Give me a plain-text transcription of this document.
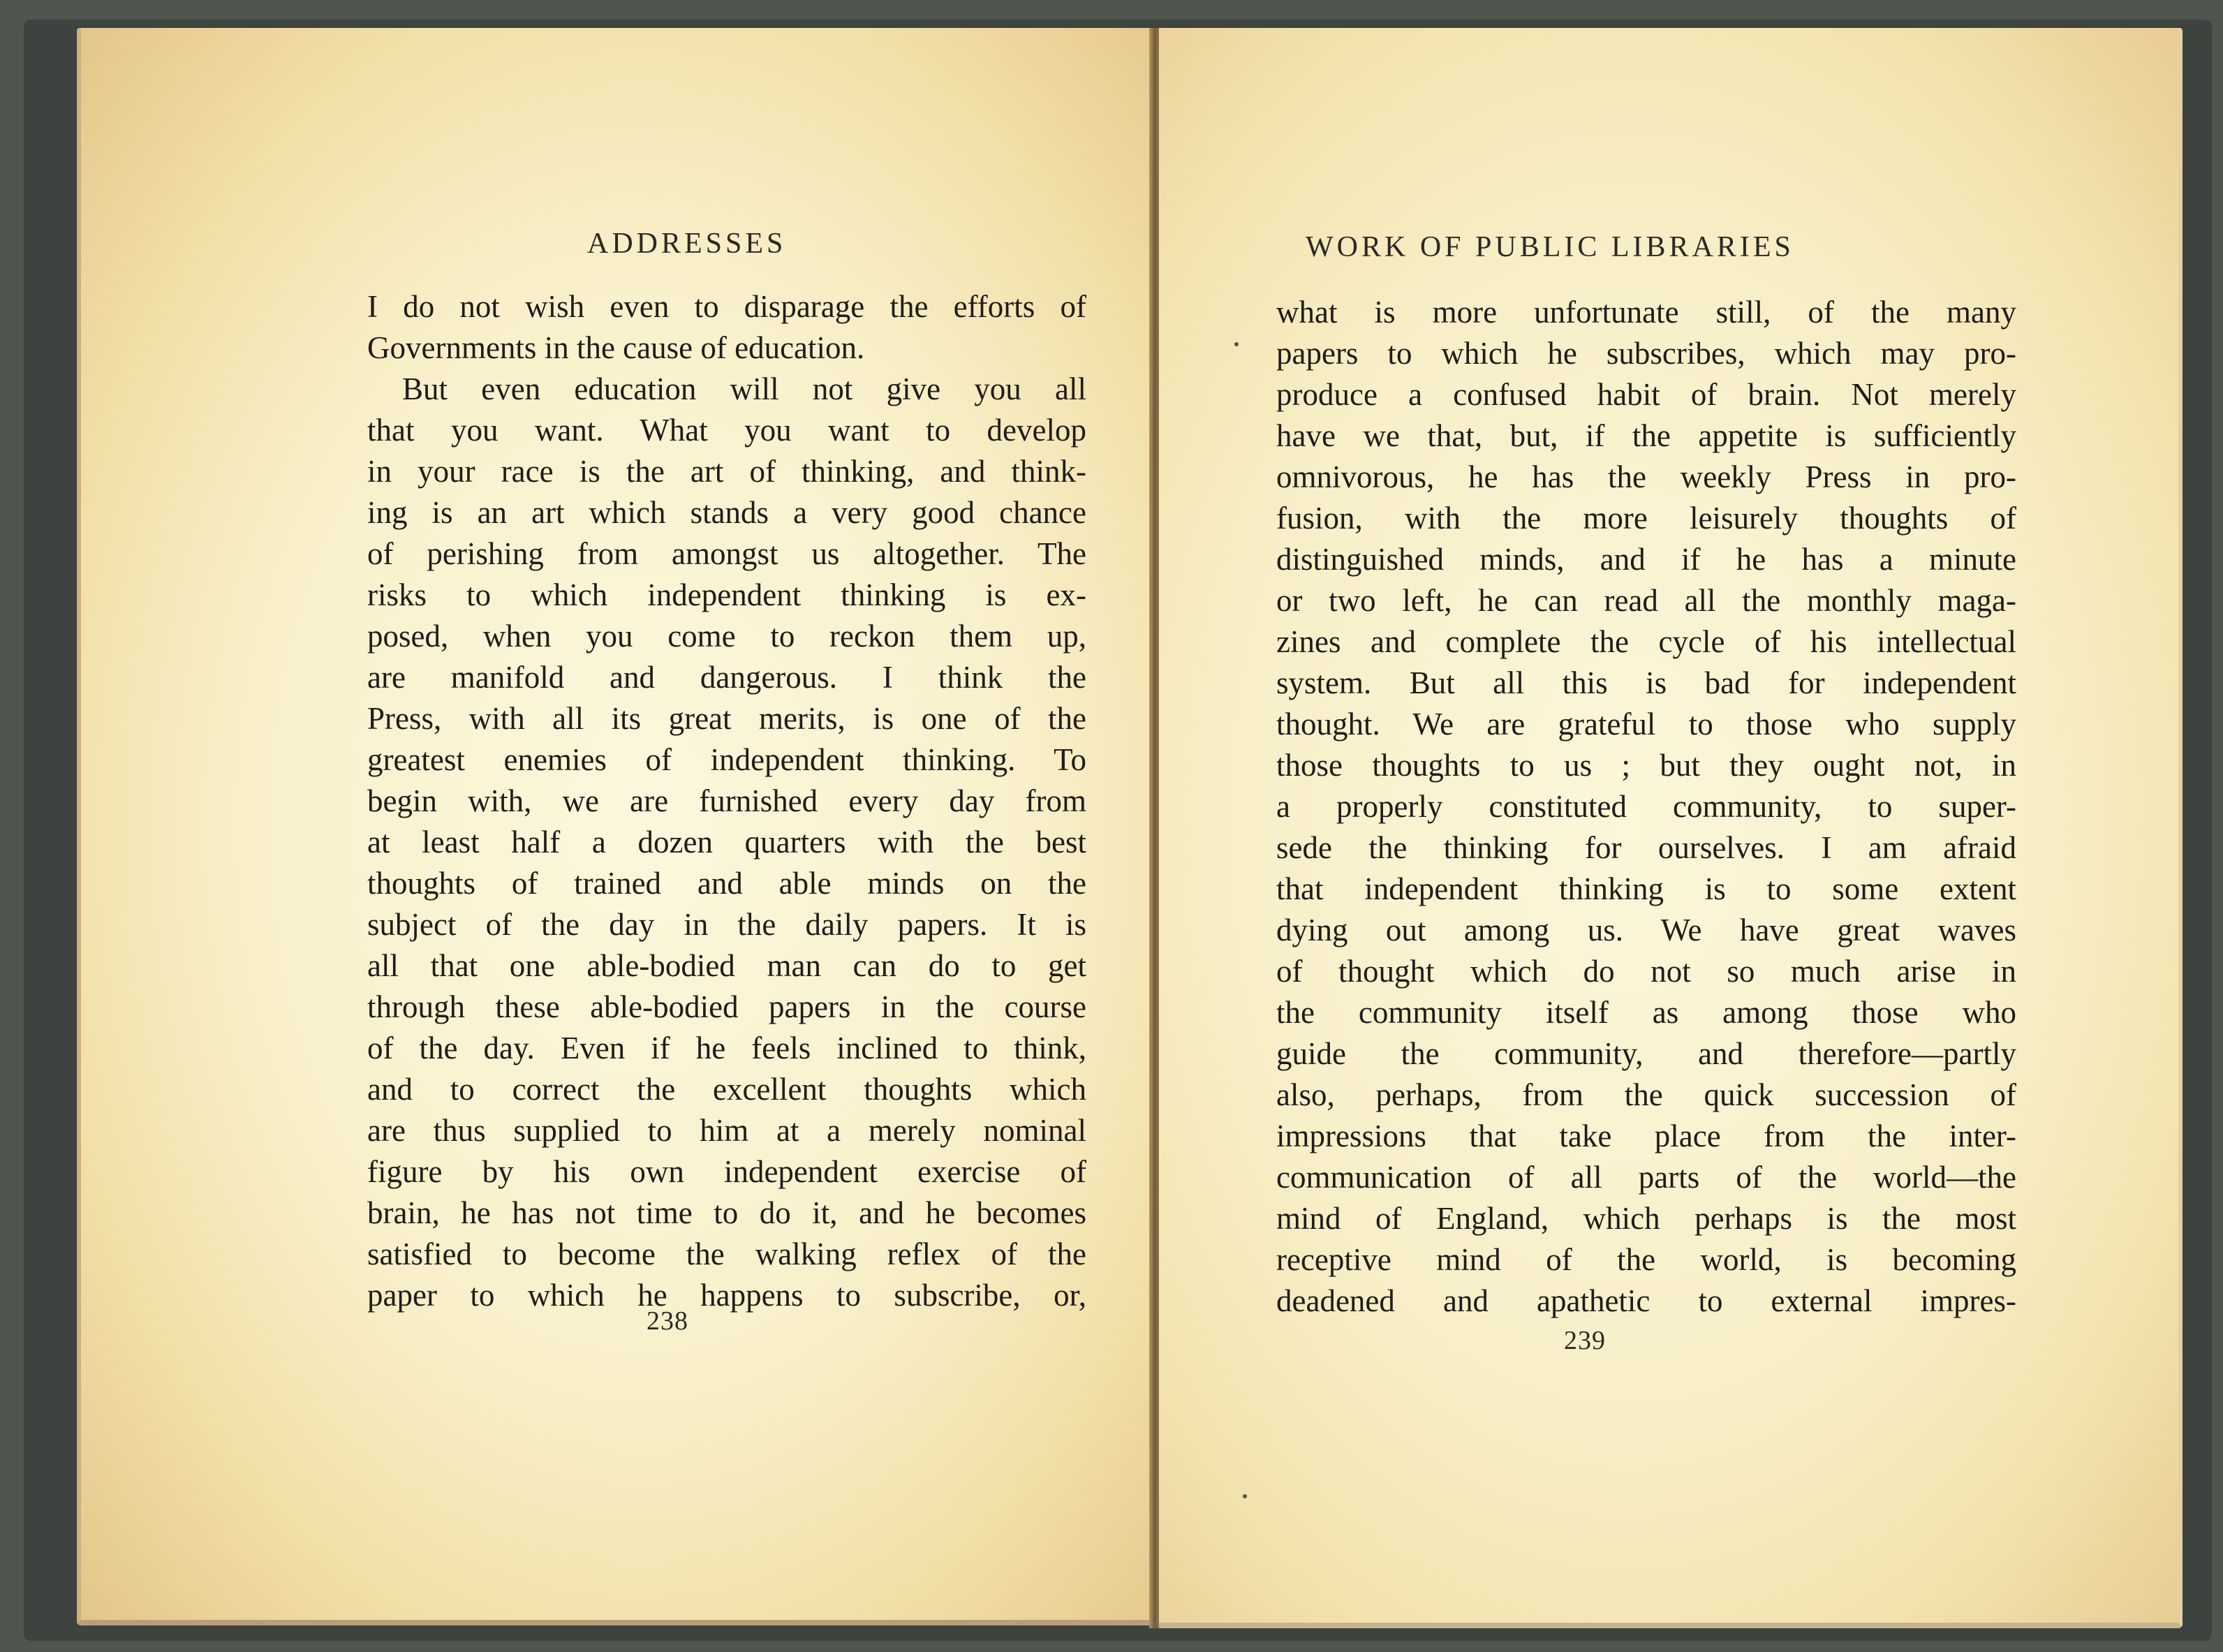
ADDRESSES
I do not wish even to disparage the efforts of
Governments in the cause of education.
But even education will not give you all
that you want. What you want to develop
in your race is the art of thinking, and think-
ing is an art which stands a very good chance
of perishing from amongst us altogether. The
risks to which independent thinking is ex-
posed, when you come to reckon them up,
are manifold and dangerous. I think the
Press, with all its great merits, is one of the
greatest enemies of independent thinking. To
begin with, we are furnished every day from
at least half a dozen quarters with the best
thoughts of trained and able minds on the
subject of the day in the daily papers. It is
all that one able-bodied man can do to get
through these able-bodied papers in the course
of the day. Even if he feels inclined to think,
and to correct the excellent thoughts which
are thus supplied to him at a merely nominal
figure by his own independent exercise of
brain, he has not time to do it, and he becomes
satisfied to become the walking reflex of the
paper to which he happens to subscribe, or,
238
WORK OF PUBLIC LIBRARIES
what is more unfortunate still, of the many
papers to which he subscribes, which may pro-
produce a confused habit of brain. Not merely
have we that, but, if the appetite is sufficiently
omnivorous, he has the weekly Press in pro-
fusion, with the more leisurely thoughts of
distinguished minds, and if he has a minute
or two left, he can read all the monthly maga-
zines and complete the cycle of his intellectual
system. But all this is bad for independent
thought. We are grateful to those who supply
those thoughts to us ; but they ought not, in
a properly constituted community, to super-
sede the thinking for ourselves. I am afraid
that independent thinking is to some extent
dying out among us. We have great waves
of thought which do not so much arise in
the community itself as among those who
guide the community, and therefore—partly
also, perhaps, from the quick succession of
impressions that take place from the inter-
communication of all parts of the world—the
mind of England, which perhaps is the most
receptive mind of the world, is becoming
deadened and apathetic to external impres-
239
